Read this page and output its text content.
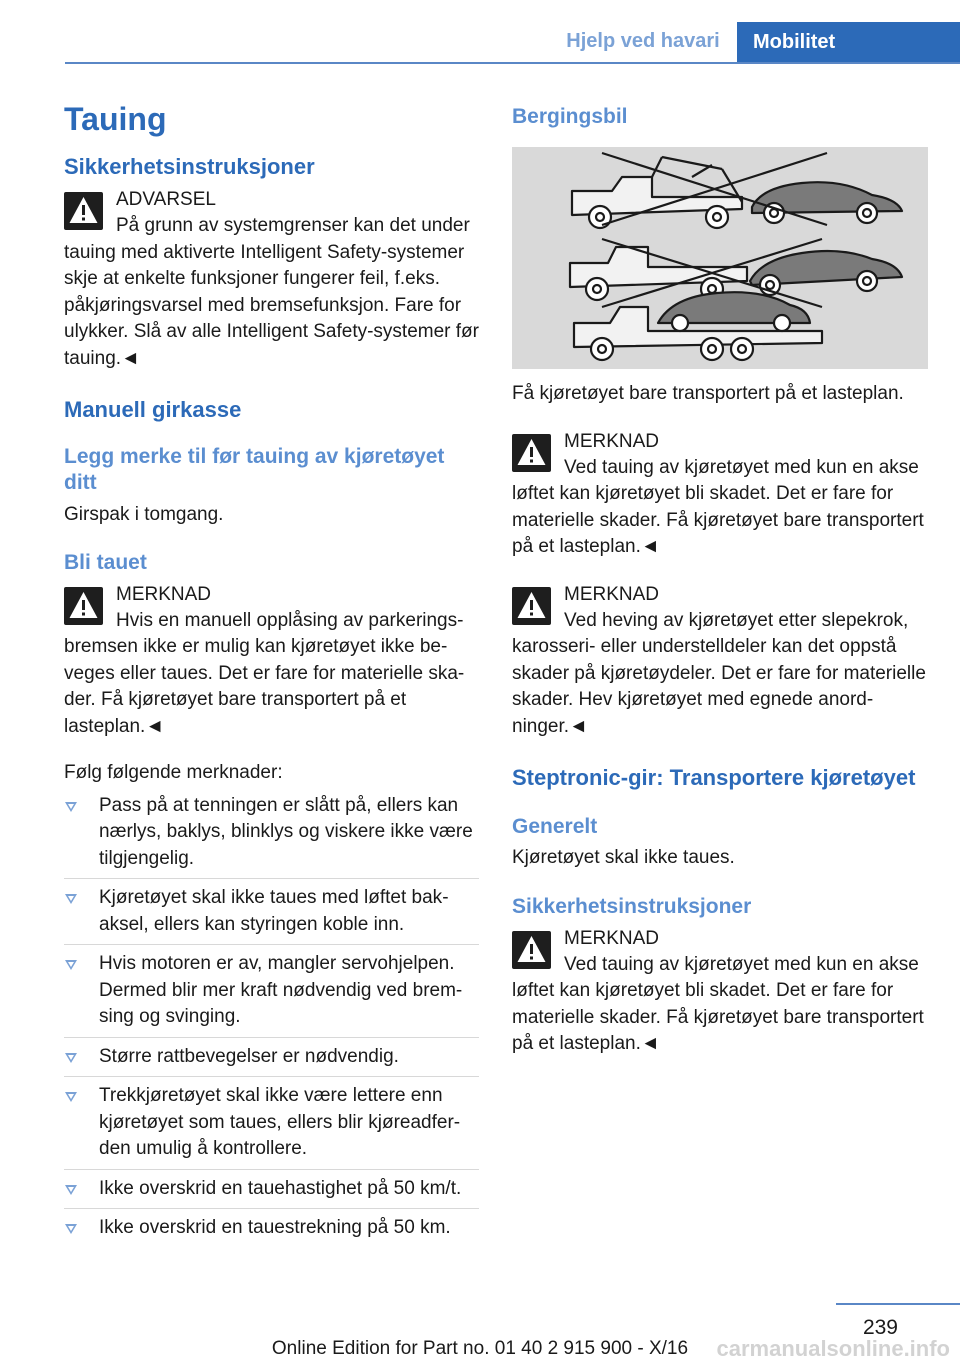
Hjelp ved havari	Mobilitet
Tauing
Sikkerhetsinstruksjoner
ADVARSEL

På grunn av systemgrenser kan det under tauing med aktiverte Intelligent Safety-systemer skje at enkelte funksjoner fungerer feil, f.eks. påkjøringsvarsel med bremsefunksjon. Fare for ulykker. Slå av alle Intelligent Safety-systemer før tauing.◄

Manuell girkasse
Legg merke til før tauing av kjøretøyet ditt

Girspak i tomgang.

Bli tauet
MERKNAD

Hvis en manuell opplåsing av parkeringsbremsen ikke er mulig kan kjøretøyet ikke beveges eller taues. Det er fare for materielle skader. Få kjøretøyet bare transportert på et lasteplan.◄

Følg følgende merknader:

Pass på at tenningen er slått på, ellers kan nærlys, baklys, blinklys og viskere ikke være tilgjengelig.
Kjøretøyet skal ikke taues med løftet bakaksel, ellers kan styringen koble inn.
Hvis motoren er av, mangler servohjelpen. Dermed blir mer kraft nødvendig ved bremsing og svinging.
Større rattbevegelser er nødvendig.
Trekkjøretøyet skal ikke være lettere enn kjøretøyet som taues, ellers blir kjøreadferden umulig å kontrollere.
Ikke overskrid en tauehastighet på 50 km/t.
Ikke overskrid en tauestrekning på 50 km.
Bergingsbil

Få kjøretøyet bare transportert på et lasteplan.

MERKNAD

Ved tauing av kjøretøyet med kun en akse løftet kan kjøretøyet bli skadet. Det er fare for materielle skader. Få kjøretøyet bare transportert på et lasteplan.◄

MERKNAD

Ved heving av kjøretøyet etter slepekrok, karosseri- eller understelldeler kan det oppstå skader på kjøretøydeler. Det er fare for materielle skader. Hev kjøretøyet med egnede anordninger.◄

Steptronic-gir: Transportere kjøretøyet
Generelt

Kjøretøyet skal ikke taues.

Sikkerhetsinstruksjoner
MERKNAD

Ved tauing av kjøretøyet med kun en akse løftet kan kjøretøyet bli skadet. Det er fare for materielle skader. Få kjøretøyet bare transportert på et lasteplan.◄

239
Online Edition for Part no. 01 40 2 915 900 - X/16	carmanualsonline.info
